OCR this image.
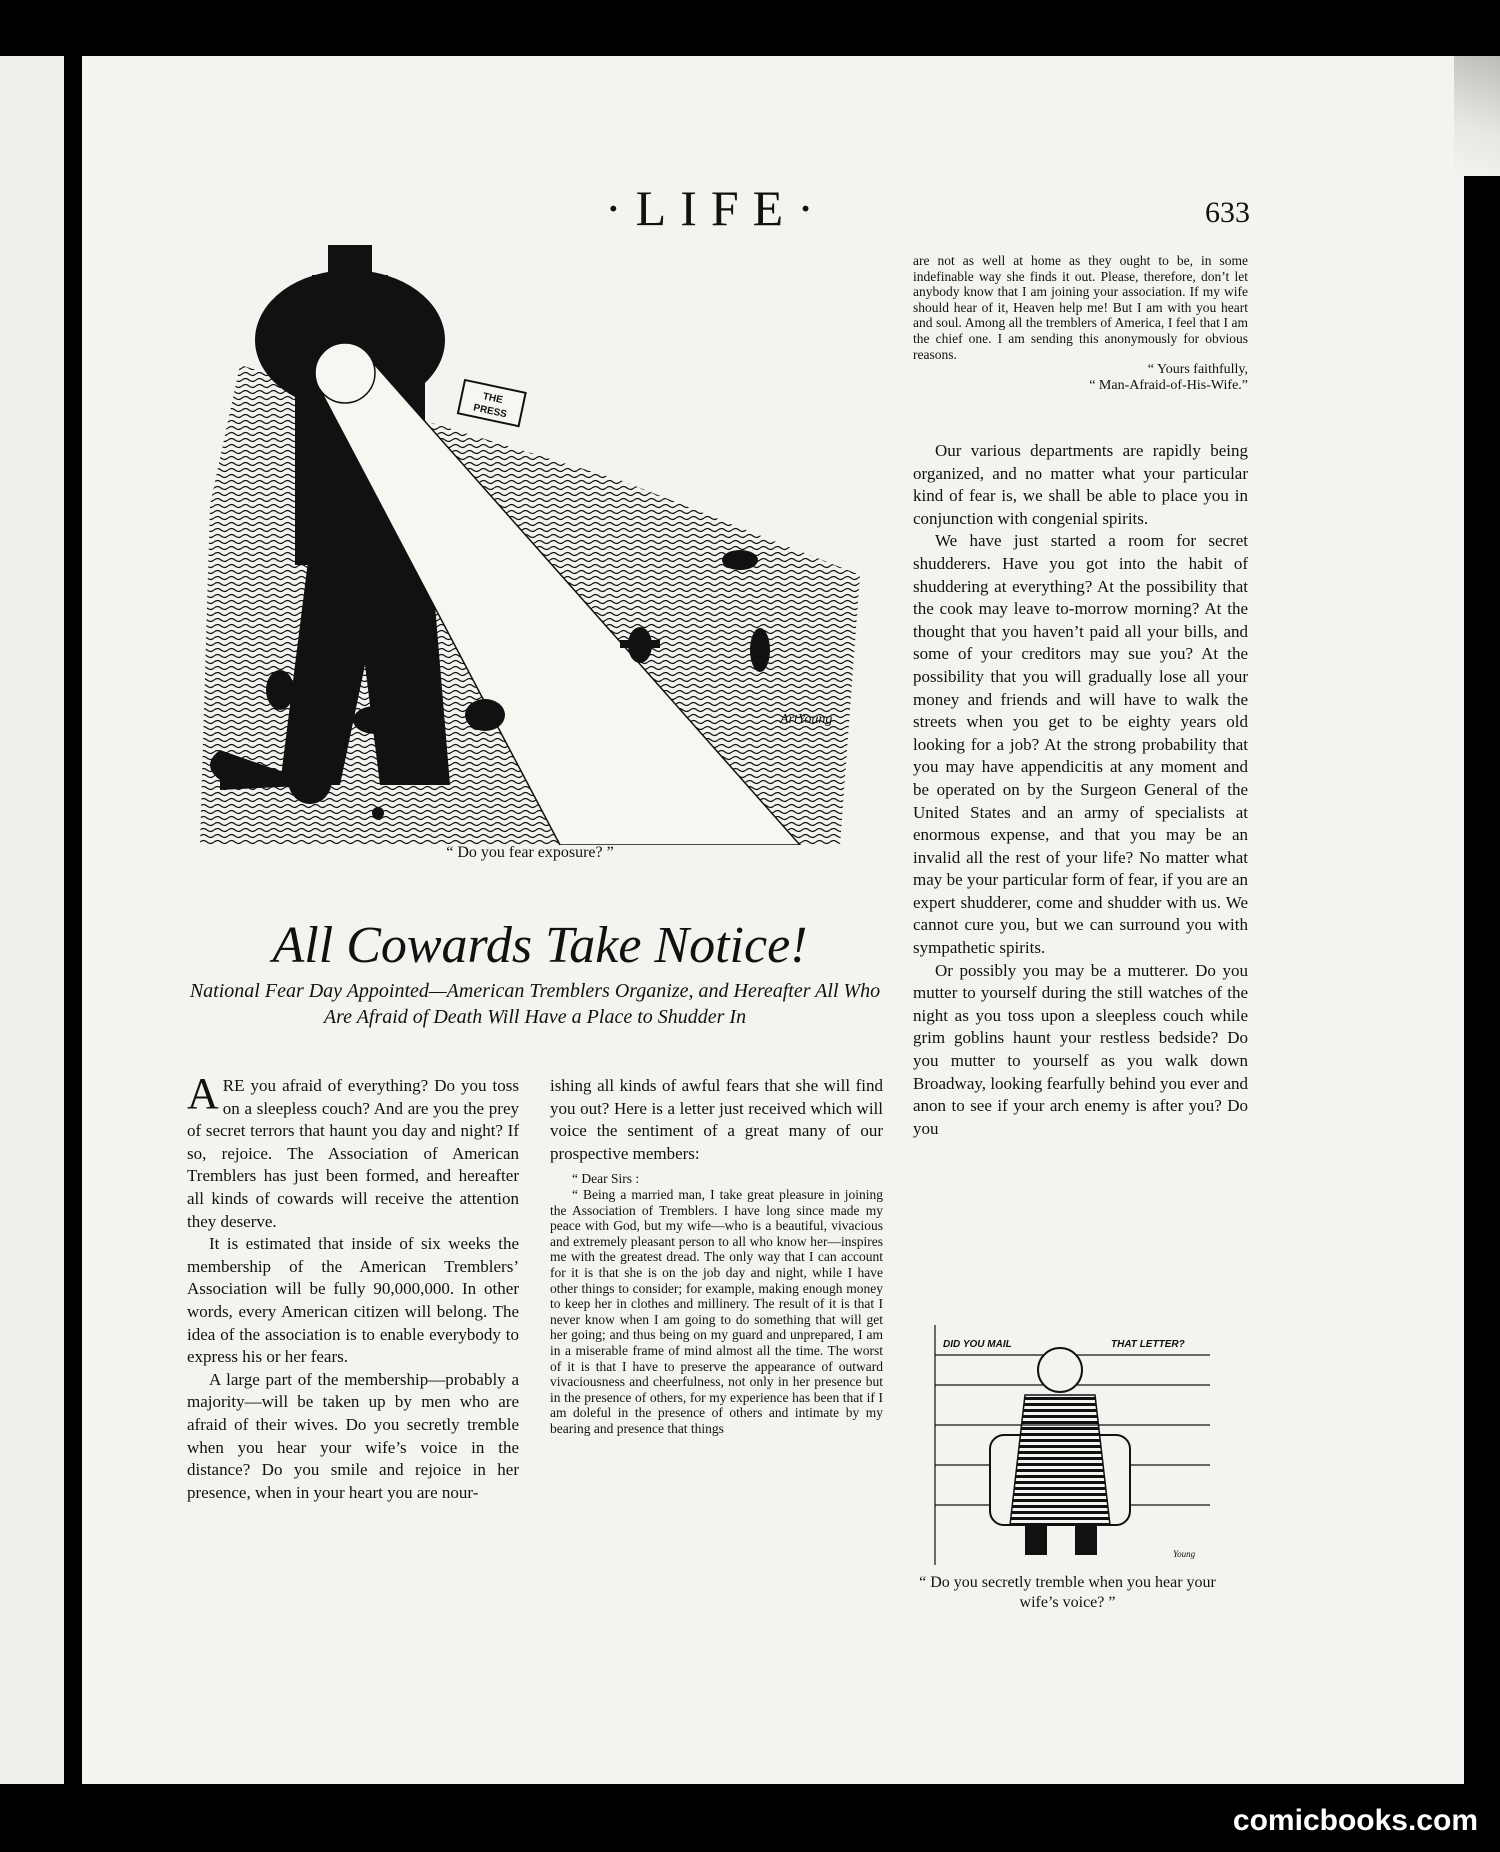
·LIFE·	633
THE
PRESS
ArtYoung
“ Do you fear exposure? ”
All Cowards Take Notice!
National Fear Day Appointed—American Tremblers Organize, and Hereafter All Who Are Afraid of Death Will Have a Place to Shudder In

ARE you afraid of everything? Do you toss on a sleepless couch? And are you the prey of secret terrors that haunt you day and night? If so, rejoice. The Association of American Tremblers has just been formed, and hereafter all kinds of cowards will receive the attention they deserve.

It is estimated that inside of six weeks the membership of the American Tremblers’ Association will be fully 90,000,000. In other words, every American citizen will belong. The idea of the association is to enable everybody to express his or her fears.

A large part of the membership—probably a majority—will be taken up by men who are afraid of their wives. Do you secretly tremble when you hear your wife’s voice in the distance? Do you smile and rejoice in her presence, when in your heart you are nour-

ishing all kinds of awful fears that she will find you out? Here is a letter just received which will voice the sentiment of a great many of our prospective members:

“ Dear Sirs :

“ Being a married man, I take great pleasure in joining the Association of Tremblers. I have long since made my peace with God, but my wife—who is a beautiful, vivacious and extremely pleasant person to all who know her—inspires me with the greatest dread. The only way that I can account for it is that she is on the job day and night, while I have other things to consider; for example, making enough money to keep her in clothes and millinery. The result of it is that I never know when I am going to do something that will get her going; and thus being on my guard and unprepared, I am in a miserable frame of mind almost all the time. The worst of it is that I have to preserve the appearance of outward vivaciousness and cheerfulness, not only in her presence but in the presence of others, for my experience has been that if I am doleful in the presence of others and intimate by my bearing and presence that things

are not as well at home as they ought to be, in some indefinable way she finds it out. Please, therefore, don’t let anybody know that I am joining your association. If my wife should hear of it, Heaven help me! But I am with you heart and soul. Among all the tremblers of America, I feel that I am the chief one. I am sending this anonymously for obvious reasons.

“ Yours faithfully,
“ Man-Afraid-of-His-Wife.”

Our various departments are rapidly being organized, and no matter what your particular kind of fear is, we shall be able to place you in conjunction with congenial spirits.

We have just started a room for secret shudderers. Have you got into the habit of shuddering at everything? At the possibility that the cook may leave to-morrow morning? At the thought that you haven’t paid all your bills, and some of your creditors may sue you? At the possibility that you will gradually lose all your money and friends and will have to walk the streets when you get to be eighty years old looking for a job? At the strong probability that you may have appendicitis at any moment and be operated on by the Surgeon General of the United States and an army of specialists at enormous expense, and that you may be an invalid all the rest of your life? No matter what may be your particular form of fear, if you are an expert shudderer, come and shudder with us. We cannot cure you, but we can surround you with sympathetic spirits.

Or possibly you may be a mutterer. Do you mutter to yourself during the still watches of the night as you toss upon a sleepless couch while grim goblins haunt your restless bedside? Do you mutter to yourself as you walk down Broadway, looking fearfully behind you ever and anon to see if your arch enemy is after you? Do you

DID YOU MAIL	THAT LETTER?
Young
“ Do you secretly tremble when you hear your wife’s voice? ”
comicbooks.com
